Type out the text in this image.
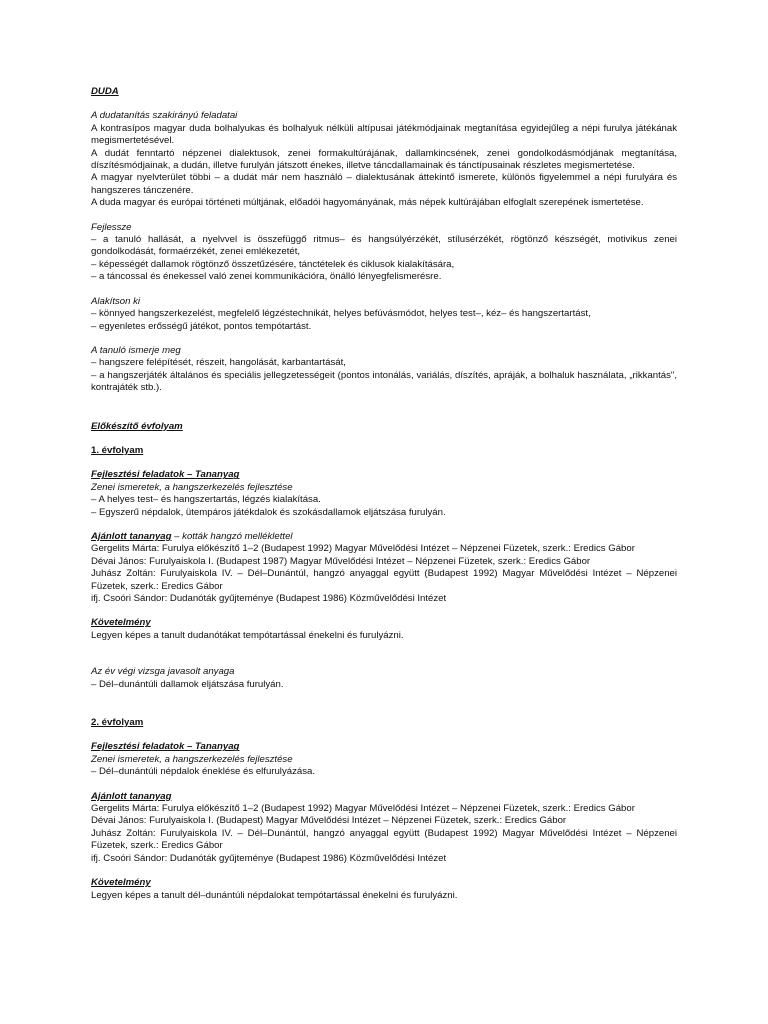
DUDA

A dudatanítás szakirányú feladatai

A kontrasípos magyar duda bolhalyukas és bolhalyuk nélküli altípusai játékmódjainak megtanítása egyidejűleg a népi furulya játékának megismertetésével.

A dudát fenntartó népzenei dialektusok, zenei formakultúrájának, dallamkincsének, zenei gondolkodásmódjának megtanítása, díszítésmódjainak, a dudán, illetve furulyán játszott énekes, illetve táncdallamainak és tánctípusainak részletes megismertetése.

A magyar nyelvterület többi – a dudát már nem használó – dialektusának áttekintő ismerete, különös figyelemmel a népi furulyára és hangszeres tánczenére.

A duda magyar és európai történeti múltjának, előadói hagyományának, más népek kultúrájában elfoglalt szerepének ismertetése.

Fejlessze

– a tanuló hallását, a nyelvvel is összefüggő ritmus– és hangsúlyérzékét, stílusérzékét, rögtönző készségét, motivikus zenei gondolkodását, formaérzékét, zenei emlékezetét,

– képességét dallamok rögtönző összetűzésére, tánctételek és ciklusok kialakítására,

– a táncossal és énekessel való zenei kommunikációra, önálló lényegfelismerésre.

Alakítson ki

– könnyed hangszerkezelést, megfelelő légzéstechnikát, helyes befúvásmódot, helyes test–, kéz– és hangszertartást,

– egyenletes erősségű játékot, pontos tempótartást.

A tanuló ismerje meg

– hangszere felépítését, részeit, hangolását, karbantartását,

– a hangszerjáték általános és speciális jellegzetességeit (pontos intonálás, variálás, díszítés, apráják, a bolhaluk használata, „rikkantás", kontrajáték stb.).

Előkészítő évfolyam

1. évfolyam

Fejlesztési feladatok – Tananyag

Zenei ismeretek, a hangszerkezelés fejlesztése

– A helyes test– és hangszertartás, légzés kialakítása.

– Egyszerű népdalok, ütempáros játékdalok és szokásdallamok eljátszása furulyán.

Ajánlott tananyag – kották hangzó melléklettel

Gergelits Márta: Furulya előkészítő 1–2 (Budapest 1992) Magyar Művelődési Intézet – Népzenei Füzetek, szerk.: Eredics Gábor

Dévai János: Furulyaiskola I. (Budapest 1987) Magyar Művelődési Intézet – Népzenei Füzetek, szerk.: Eredics Gábor

Juhász Zoltán: Furulyaiskola IV. – Dél–Dunántúl, hangzó anyaggal együtt (Budapest 1992) Magyar Művelődési Intézet – Népzenei Füzetek, szerk.: Eredics Gábor

ifj. Csoóri Sándor: Dudanóták gyűjteménye (Budapest 1986) Közművelődési Intézet

Követelmény

Legyen képes a tanult dudanótákat tempótartással énekelni és furulyázni.

Az év végi vizsga javasolt anyaga

– Dél–dunántúli dallamok eljátszása furulyán.

2. évfolyam

Fejlesztési feladatok – Tananyag

Zenei ismeretek, a hangszerkezelés fejlesztése

– Dél–dunántúli népdalok éneklése és elfurulyázása.

Ajánlott tananyag

Gergelits Márta: Furulya előkészítő 1–2 (Budapest 1992) Magyar Művelődési Intézet – Népzenei Füzetek, szerk.: Eredics Gábor

Dévai János: Furulyaiskola I. (Budapest) Magyar Művelődési Intézet – Népzenei Füzetek, szerk.: Eredics Gábor

Juhász Zoltán: Furulyaiskola IV. – Dél–Dunántúl, hangzó anyaggal együtt (Budapest 1992) Magyar Művelődési Intézet – Népzenei Füzetek, szerk.: Eredics Gábor

ifj. Csoóri Sándor: Dudanóták gyűjteménye (Budapest 1986) Közművelődési Intézet

Követelmény

Legyen képes a tanult dél–dunántúli népdalokat tempótartással énekelni és furulyázni.
